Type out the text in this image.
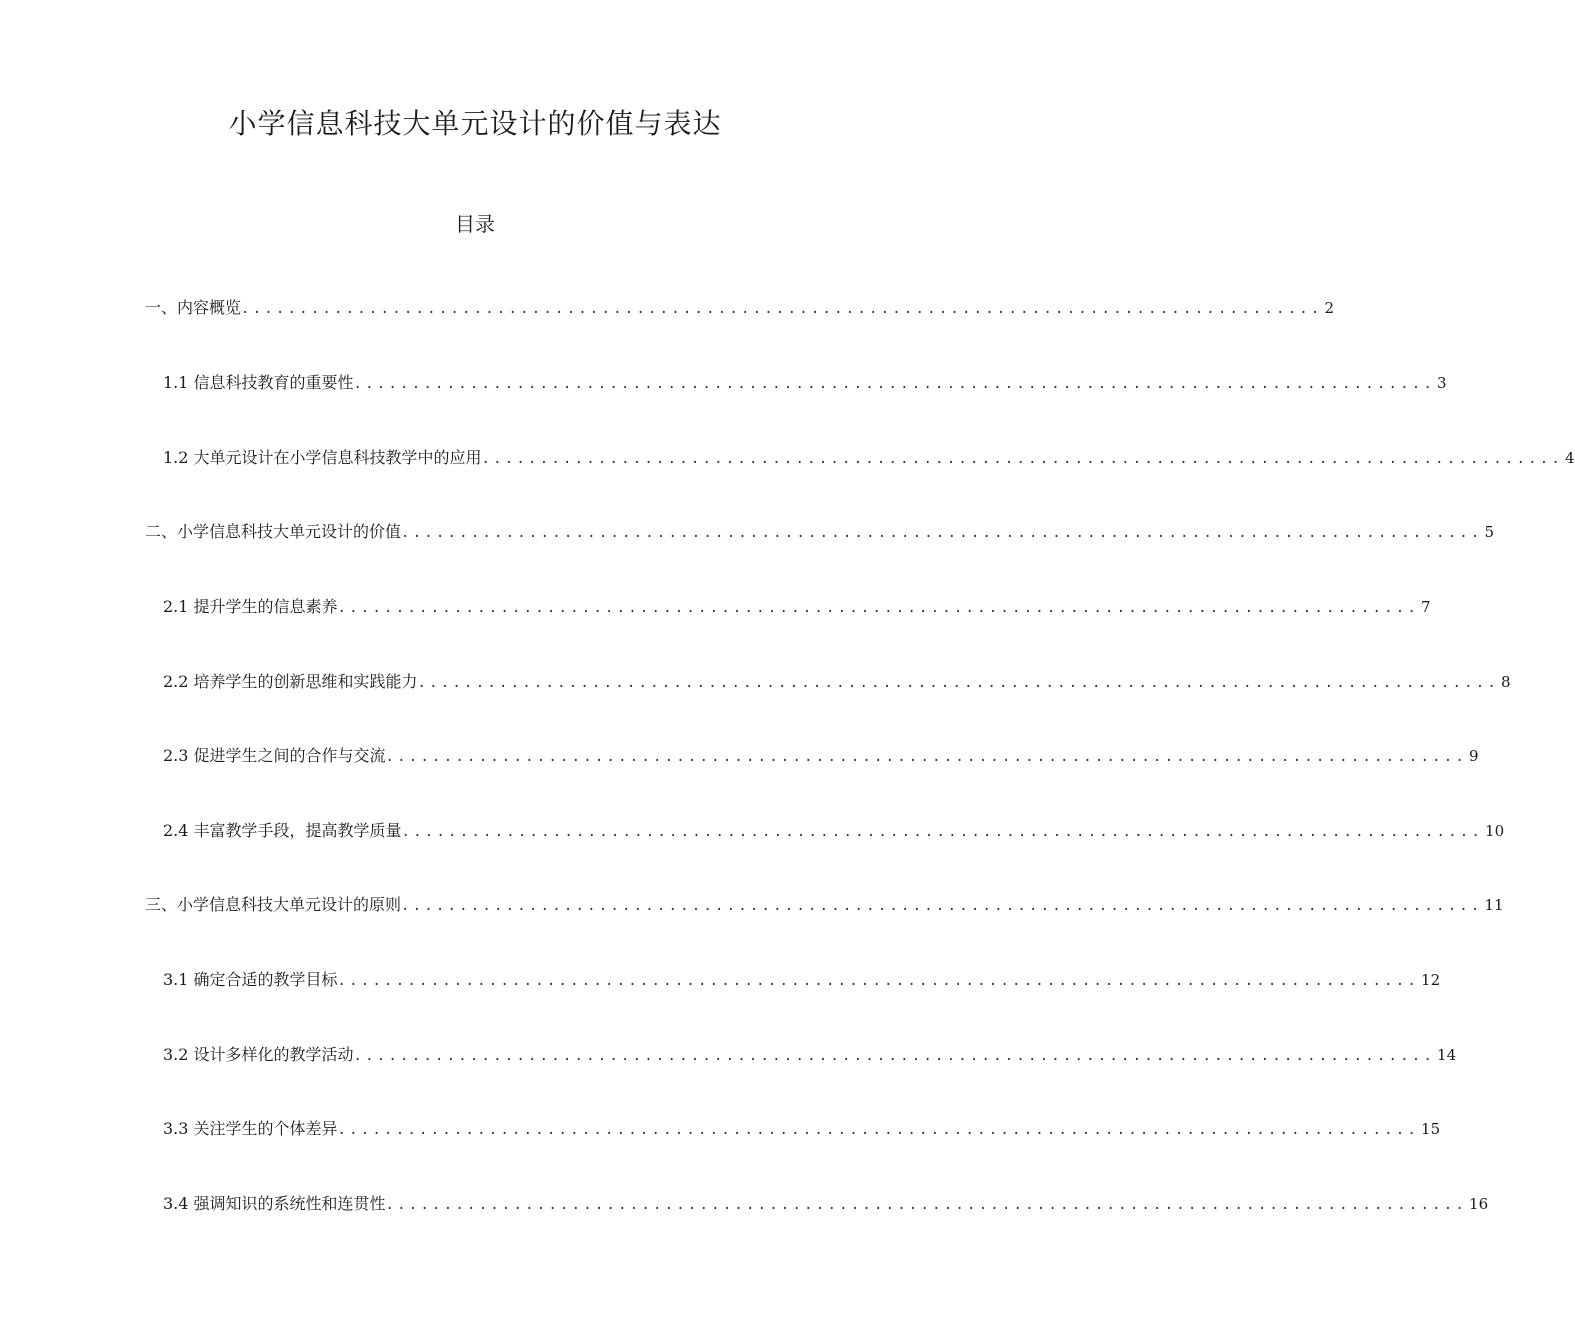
小学信息科技大单元设计的价值与表达
目录
一、内容概览 ............................................................................................. 2
1.1 信息科技教育的重要性 ............................................................................................. 3
1.2 大单元设计在小学信息科技教学中的应用 ............................................................................................. 4
二、小学信息科技大单元设计的价值 ............................................................................................. 5
2.1 提升学生的信息素养 ............................................................................................. 7
2.2 培养学生的创新思维和实践能力 ............................................................................................. 8
2.3 促进学生之间的合作与交流 ............................................................................................. 9
2.4 丰富教学手段，提高教学质量 ............................................................................................. 10
三、小学信息科技大单元设计的原则 ............................................................................................. 11
3.1 确定合适的教学目标 ............................................................................................. 12
3.2 设计多样化的教学活动 ............................................................................................. 14
3.3 关注学生的个体差异 ............................................................................................. 15
3.4 强调知识的系统性和连贯性 ............................................................................................. 16
